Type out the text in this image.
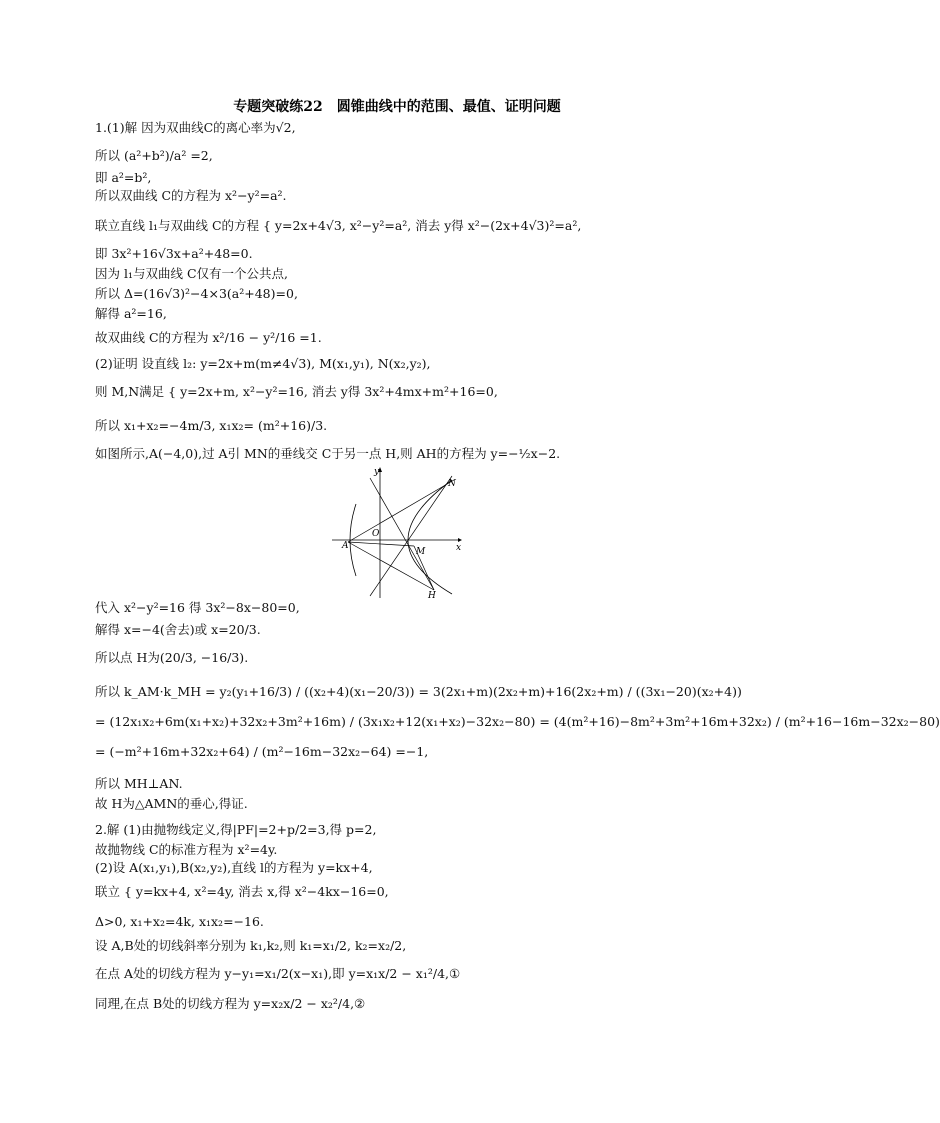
专题突破练22　圆锥曲线中的范围、最值、证明问题
1.(1)解 因为双曲线C的离心率为√2,
所以 (a²+b²)/a² =2,
即 a²=b²,
所以双曲线 C的方程为 x²−y²=a².
联立直线 l₁与双曲线 C的方程 { y=2x+4√3, x²−y²=a², 消去 y得 x²−(2x+4√3)²=a²,
即 3x²+16√3x+a²+48=0.
因为 l₁与双曲线 C仅有一个公共点,
所以 Δ=(16√3)²−4×3(a²+48)=0,
解得 a²=16,
故双曲线 C的方程为 x²/16 − y²/16 =1.
(2)证明 设直线 l₂: y=2x+m(m≠4√3), M(x₁,y₁), N(x₂,y₂),
则 M,N满足 { y=2x+m, x²−y²=16, 消去 y得 3x²+4mx+m²+16=0,
所以 x₁+x₂=−4m/3, x₁x₂= (m²+16)/3.
如图所示,A(−4,0),过 A引 MN的垂线交 C于另一点 H,则 AH的方程为 y=−½x−2.
代入 x²−y²=16 得 3x²−8x−80=0,
解得 x=−4(舍去)或 x=20/3.
所以点 H为(20/3, −16/3).
所以 k_AM·k_MH = y₂(y₁+16/3) / ((x₂+4)(x₁−20/3)) = 3(2x₁+m)(2x₂+m)+16(2x₂+m) / ((3x₁−20)(x₂+4))
= (12x₁x₂+6m(x₁+x₂)+32x₂+3m²+16m) / (3x₁x₂+12(x₁+x₂)−32x₂−80) = (4(m²+16)−8m²+3m²+16m+32x₂) / (m²+16−16m−32x₂−80)
= (−m²+16m+32x₂+64) / (m²−16m−32x₂−64) =−1,
所以 MH⊥AN.
故 H为△AMN的垂心,得证.
2.解 (1)由抛物线定义,得|PF|=2+p/2=3,得 p=2,
故抛物线 C的标准方程为 x²=4y.
(2)设 A(x₁,y₁),B(x₂,y₂),直线 l的方程为 y=kx+4,
联立 { y=kx+4, x²=4y, 消去 x,得 x²−4kx−16=0,
Δ>0, x₁+x₂=4k, x₁x₂=−16.
设 A,B处的切线斜率分别为 k₁,k₂,则 k₁=x₁/2, k₂=x₂/2,
在点 A处的切线方程为 y−y₁=x₁/2(x−x₁),即 y=x₁x/2 − x₁²/4,①
同理,在点 B处的切线方程为 y=x₂x/2 − x₂²/4,②
y
x
N
O
A
M
H
